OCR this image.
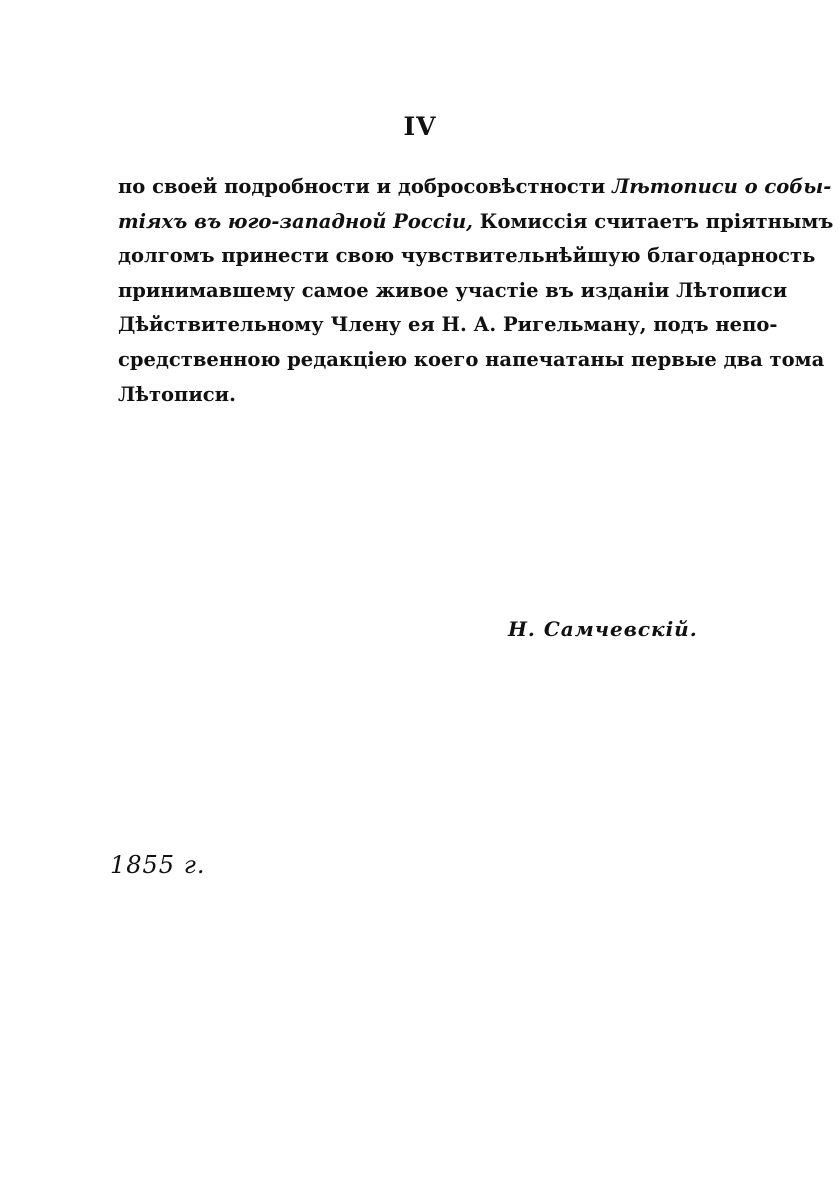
IV
по своей подробности и добросовѣстности Лѣтописи о собы-
тіяхъ въ юго-западной Россіи, Комиссія считаетъ пріятнымъ
долгомъ принести свою чувствительнѣйшую благодарность
принимавшему самое живое участіе въ изданіи Лѣтописи
Дѣйствительному Члену ея Н. А. Ригельману, подъ непо-
средственною редакціею коего напечатаны первые два тома
Лѣтописи.
Н. Самчевскій.
1855 г.
